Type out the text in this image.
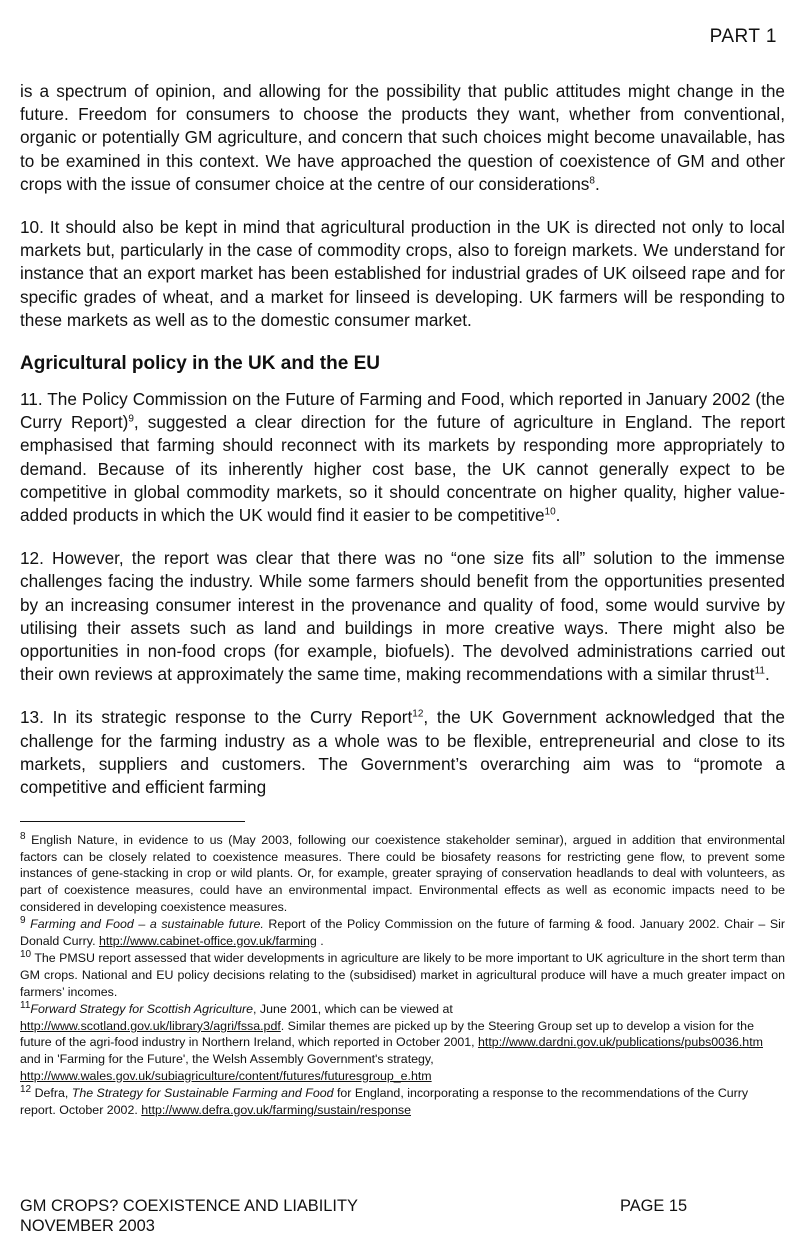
PART 1

is a spectrum of opinion, and allowing for the possibility that public attitudes might change in the future. Freedom for consumers to choose the products they want, whether from conventional, organic or potentially GM agriculture, and concern that such choices might become unavailable, has to be examined in this context. We have approached the question of coexistence of GM and other crops with the issue of consumer choice at the centre of our considerations$^8$.

10. It should also be kept in mind that agricultural production in the UK is directed not only to local markets but, particularly in the case of commodity crops, also to foreign markets. We understand for instance that an export market has been established for industrial grades of UK oilseed rape and for specific grades of wheat, and a market for linseed is developing. UK farmers will be responding to these markets as well as to the domestic consumer market.

Agricultural policy in the UK and the EU

11. The Policy Commission on the Future of Farming and Food, which reported in January 2002 (the Curry Report)$^9$, suggested a clear direction for the future of agriculture in England. The report emphasised that farming should reconnect with its markets by responding more appropriately to demand. Because of its inherently higher cost base, the UK cannot generally expect to be competitive in global commodity markets, so it should concentrate on higher quality, higher value-added products in which the UK would find it easier to be competitive$^{10}$.

12. However, the report was clear that there was no “one size fits all” solution to the immense challenges facing the industry. While some farmers should benefit from the opportunities presented by an increasing consumer interest in the provenance and quality of food, some would survive by utilising their assets such as land and buildings in more creative ways. There might also be opportunities in non-food crops (for example, biofuels). The devolved administrations carried out their own reviews at approximately the same time, making recommendations with a similar thrust$^{11}$.

13. In its strategic response to the Curry Report$^{12}$, the UK Government acknowledged that the challenge for the farming industry as a whole was to be flexible, entrepreneurial and close to its markets, suppliers and customers. The Government’s overarching aim was to “promote a competitive and efficient farming

$^8$ English Nature, in evidence to us (May 2003, following our coexistence stakeholder seminar), argued in addition that environmental factors can be closely related to coexistence measures. There could be biosafety reasons for restricting gene flow, to prevent some instances of gene-stacking in crop or wild plants. Or, for example, greater spraying of conservation headlands to deal with volunteers, as part of coexistence measures, could have an environmental impact. Environmental effects as well as economic impacts need to be considered in developing coexistence measures.
$^9$ Farming and Food – a sustainable future. Report of the Policy Commission on the future of farming & food. January 2002. Chair – Sir Donald Curry. http://www.cabinet-office.gov.uk/farming .
$^{10}$ The PMSU report assessed that wider developments in agriculture are likely to be more important to UK agriculture in the short term than GM crops. National and EU policy decisions relating to the (subsidised) market in agricultural produce will have a much greater impact on farmers’ incomes.
$^{11}$Forward Strategy for Scottish Agriculture, June 2001, which can be viewed at
http://www.scotland.gov.uk/library3/agri/fssa.pdf. Similar themes are picked up by the Steering Group set up to develop a vision for the future of the agri-food industry in Northern Ireland, which reported in October 2001, http://www.dardni.gov.uk/publications/pubs0036.htm and in 'Farming for the Future', the Welsh Assembly Government's strategy, http://www.wales.gov.uk/subiagriculture/content/futures/futuresgroup_e.htm
$^{12}$ Defra, The Strategy for Sustainable Farming and Food for England, incorporating a response to the recommendations of the Curry report. October 2002. http://www.defra.gov.uk/farming/sustain/response
GM CROPS? COEXISTENCE AND LIABILITY
NOVEMBER 2003
PAGE 15
